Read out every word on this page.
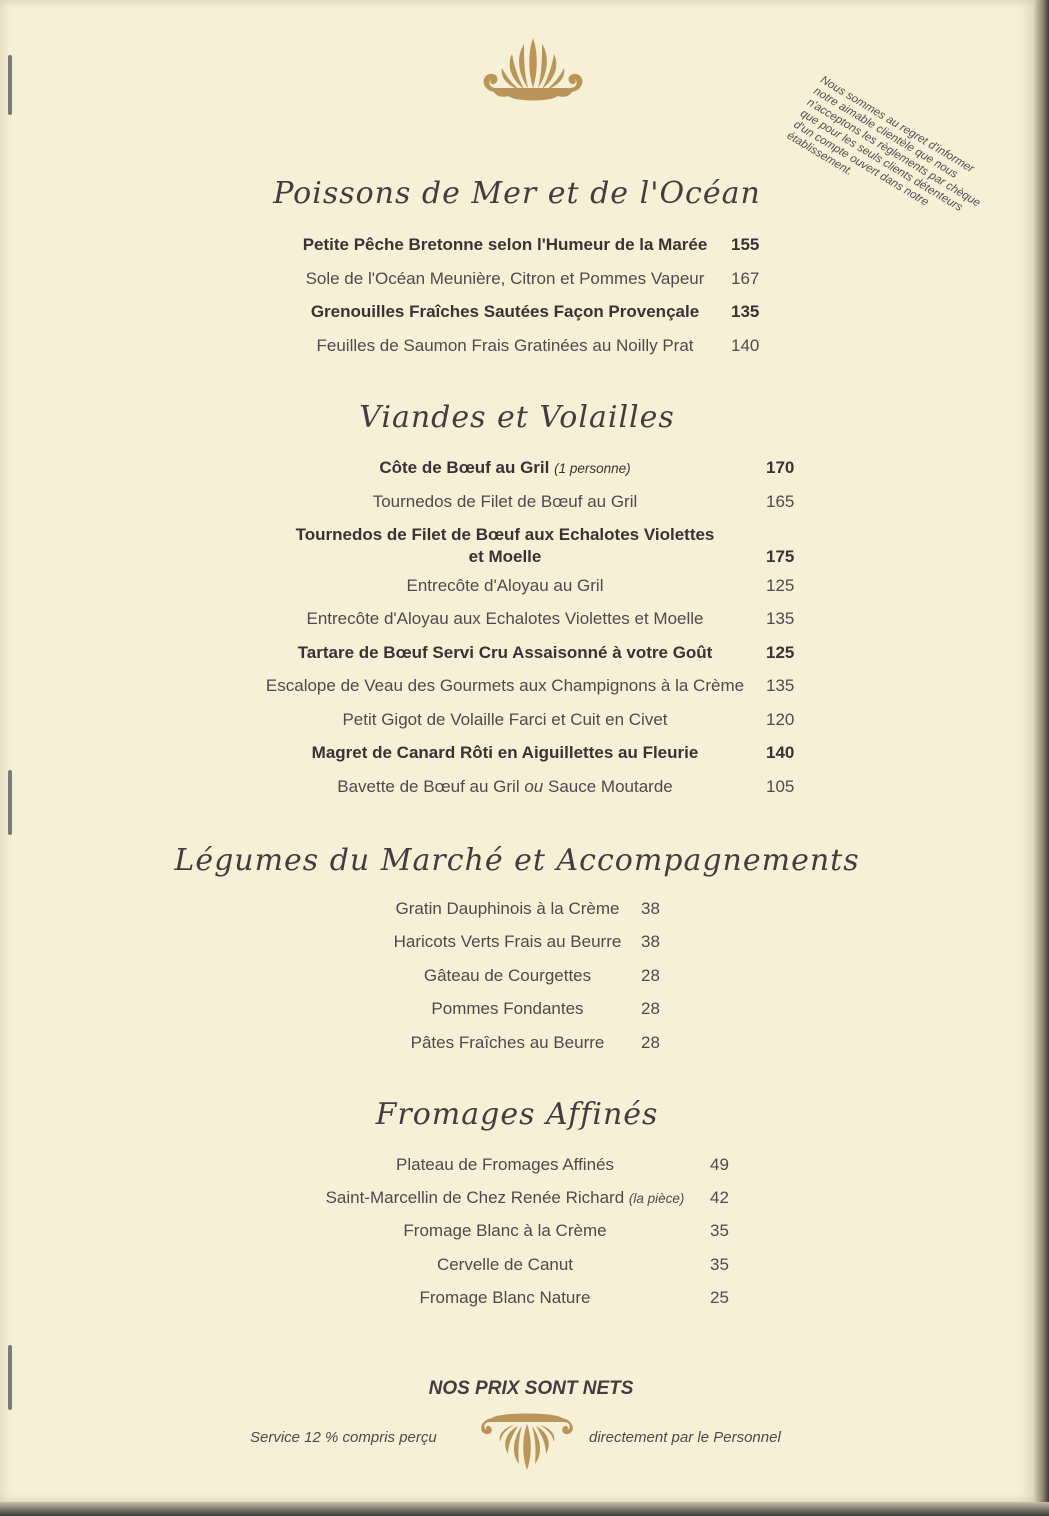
Nous sommes au regret d'informer notre aimable clientèle que nous n'acceptons les règlements par chèque que pour les seuls clients détenteurs d'un compte ouvert dans notre établissement.
Poissons de Mer et de l'Océan
Petite Pêche Bretonne selon l'Humeur de la Marée	155
Sole de l'Océan Meunière, Citron et Pommes Vapeur	167
Grenouilles Fraîches Sautées Façon Provençale	135
Feuilles de Saumon Frais Gratinées au Noilly Prat	140
Viandes et Volailles
Côte de Bœuf au Gril (1 personne)	170
Tournedos de Filet de Bœuf au Gril	165
Tournedos de Filet de Bœuf aux Echalotes Violettes
et Moelle	175
Entrecôte d'Aloyau au Gril	125
Entrecôte d'Aloyau aux Echalotes Violettes et Moelle	135
Tartare de Bœuf Servi Cru Assaisonné à votre Goût	125
Escalope de Veau des Gourmets aux Champignons à la Crème	135
Petit Gigot de Volaille Farci et Cuit en Civet	120
Magret de Canard Rôti en Aiguillettes au Fleurie	140
Bavette de Bœuf au Gril ou Sauce Moutarde	105
Légumes du Marché et Accompagnements
Gratin Dauphinois à la Crème	38
Haricots Verts Frais au Beurre	38
Gâteau de Courgettes	28
Pommes Fondantes	28
Pâtes Fraîches au Beurre	28
Fromages Affinés
Plateau de Fromages Affinés	49
Saint-Marcellin de Chez Renée Richard (la pièce)	42
Fromage Blanc à la Crème	35
Cervelle de Canut	35
Fromage Blanc Nature	25
NOS PRIX SONT NETS
Service 12 % compris perçu	directement par le Personnel
